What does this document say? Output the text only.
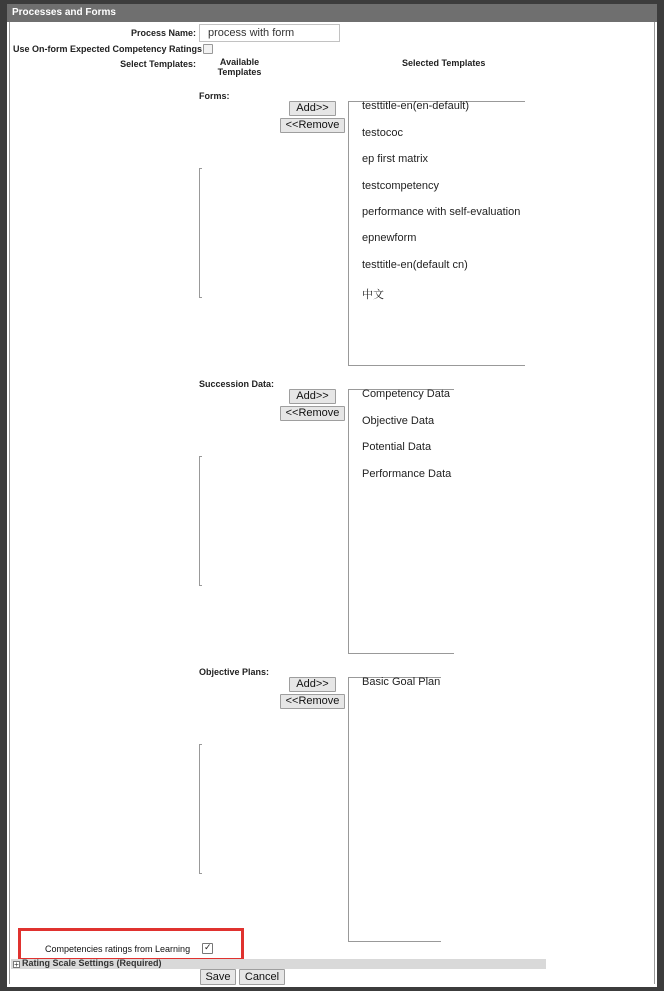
Processes and Forms
Process Name:
process with form
Use On-form Expected Competency Ratings
Select Templates:	Available
Templates
Selected Templates
Forms:
Add>>
<<Remove
testtitle-en(en-default)
testococ
ep first matrix
testcompetency
performance with self-evaluation
epnewform
testtitle-en(default cn)
中文
Succession Data:
Add>>
<<Remove
Competency Data
Objective Data
Potential Data
Performance Data
Objective Plans:
Add>>
<<Remove
Basic Goal Plan
Competencies ratings from Learning ✓
+ Rating Scale Settings (Required)
Save	Cancel
